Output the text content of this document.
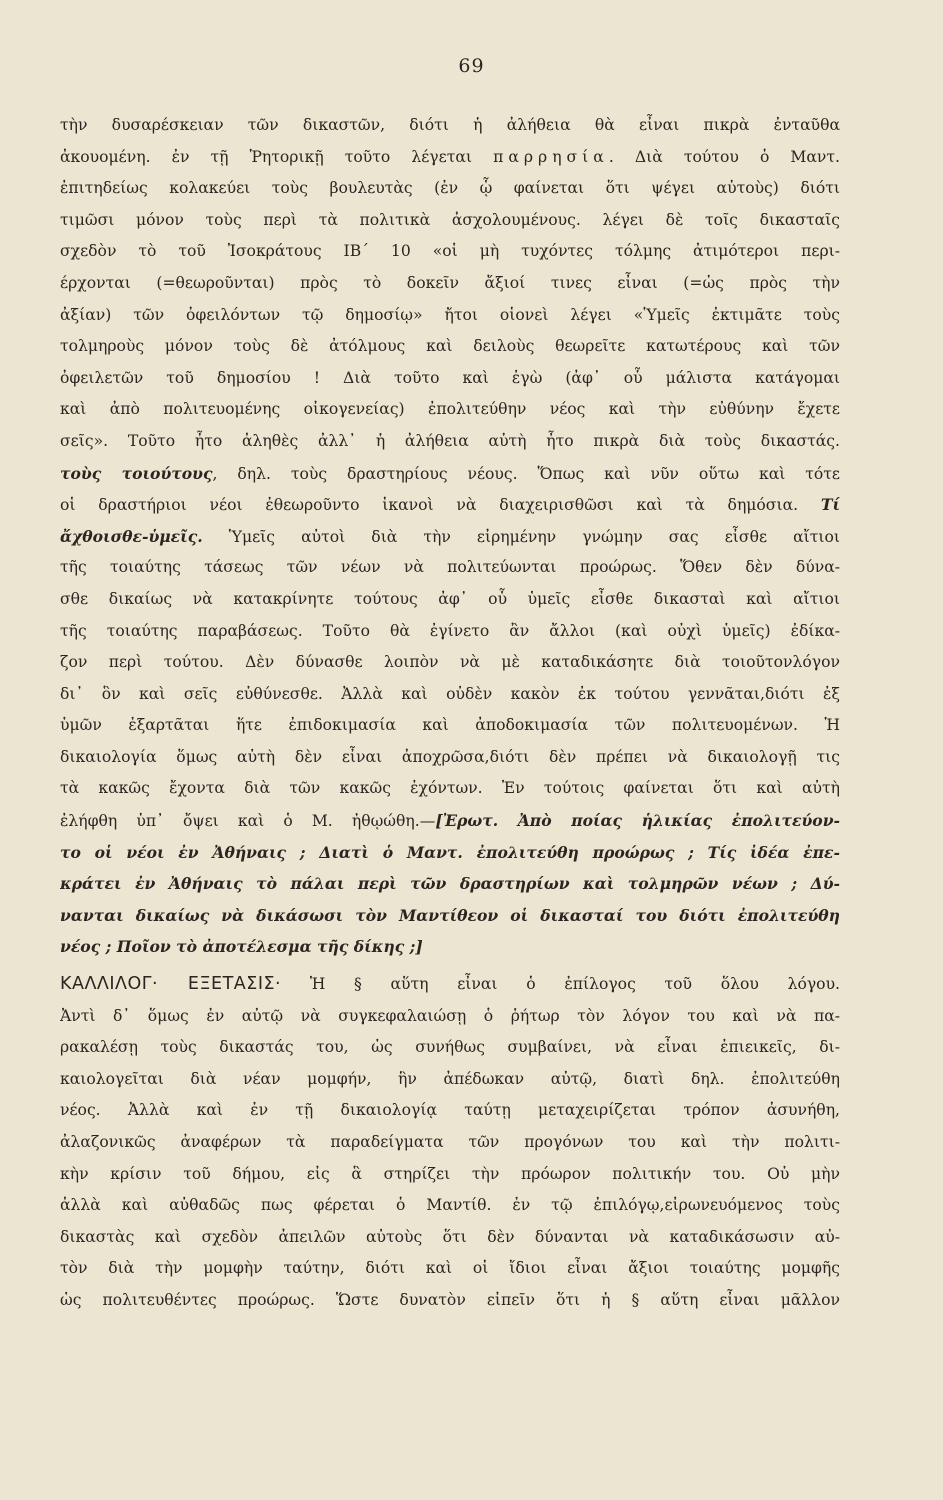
69
τὴν δυσαρέσκειαν τῶν δικαστῶν, διότι ἡ ἀλήθεια θὰ εἶναι πικρὰ ἐνταῦθα
ἀκουομένη. ἐν τῇ Ῥητορικῇ τοῦτο λέγεται παρρησία. Διὰ τούτου ὁ Μαντ.
ἐπιτηδείως κολακεύει τοὺς βουλευτὰς (ἐν ᾧ φαίνεται ὅτι ψέγει αὐτοὺς) διότι
τιμῶσι μόνον τοὺς περὶ τὰ πολιτικὰ ἀσχολουμένους. λέγει δὲ τοῖς δικασταῖς
σχεδὸν τὸ τοῦ Ἰσοκράτους ΙΒ΄ 10 «οἱ μὴ τυχόντες τόλμης ἀτιμότεροι περι-
έρχονται (=θεωροῦνται) πρὸς τὸ δοκεῖν ἄξιοί τινες εἶναι (=ὡς πρὸς τὴν
ἀξίαν) τῶν ὀφειλόντων τῷ δημοσίῳ» ἤτοι οἱονεὶ λέγει «Ὑμεῖς ἐκτιμᾶτε τοὺς
τολμηροὺς μόνον τοὺς δὲ ἀτόλμους καὶ δειλοὺς θεωρεῖτε κατωτέρους καὶ τῶν
ὀφειλετῶν τοῦ δημοσίου ! Διὰ τοῦτο καὶ ἐγὼ (ἀφ᾽ οὗ μάλιστα κατάγομαι
καὶ ἀπὸ πολιτευομένης οἰκογενείας) ἐπολιτεύθην νέος καὶ τὴν εὐθύνην ἔχετε
σεῖς». Τοῦτο ἦτο ἀληθὲς ἀλλ᾽ ἡ ἀλήθεια αὐτὴ ἦτο πικρὰ διὰ τοὺς δικαστάς.
τοὺς τοιούτους, δηλ. τοὺς δραστηρίους νέους. Ὅπως καὶ νῦν οὕτω καὶ τότε
οἱ δραστήριοι νέοι ἐθεωροῦντο ἱκανοὶ νὰ διαχειρισθῶσι καὶ τὰ δημόσια. Τί
ἄχθοισθε-ὑμεῖς. Ὑμεῖς αὐτοὶ διὰ τὴν εἰρημένην γνώμην σας εἶσθε αἴτιοι
τῆς τοιαύτης τάσεως τῶν νέων νὰ πολιτεύωνται προώρως. Ὅθεν δὲν δύνα-
σθε δικαίως νὰ κατακρίνητε τούτους ἀφ᾽ οὗ ὑμεῖς εἶσθε δικασταὶ καὶ αἴτιοι
τῆς τοιαύτης παραβάσεως. Τοῦτο θὰ ἐγίνετο ἂν ἄλλοι (καὶ οὐχὶ ὑμεῖς) ἐδίκα-
ζον περὶ τούτου. Δὲν δύνασθε λοιπὸν νὰ μὲ καταδικάσητε διὰ τοιοῦτονλόγον
δι᾽ ὃν καὶ σεῖς εὐθύνεσθε. Ἀλλὰ καὶ οὐδὲν κακὸν ἐκ τούτου γεννᾶται,διότι ἐξ
ὑμῶν ἐξαρτᾶται ἥτε ἐπιδοκιμασία καὶ ἀποδοκιμασία τῶν πολιτευομένων. Ἡ
δικαιολογία ὅμως αὐτὴ δὲν εἶναι ἀποχρῶσα,διότι δὲν πρέπει νὰ δικαιολογῇ τις
τὰ κακῶς ἔχοντα διὰ τῶν κακῶς ἐχόντων. Ἐν τούτοις φαίνεται ὅτι καὶ αὐτὴ
ἐλήφθη ὑπ᾽ ὄψει καὶ ὁ Μ. ἠθῳώθη.—[Ἐρωτ. Ἀπὸ ποίας ἡλικίας ἐπολιτεύον-
το οἱ νέοι ἐν Ἀθήναις ; Διατὶ ὁ Μαντ. ἐπολιτεύθη προώρως ; Τίς ἰδέα ἐπε-
κράτει ἐν Ἀθήναις τὸ πάλαι περὶ τῶν δραστηρίων καὶ τολμηρῶν νέων ; Δύ-
νανται δικαίως νὰ δικάσωσι τὸν Μαντίθεον οἱ δικασταί του διότι ἐπολιτεύθη
νέος ; Ποῖον τὸ ἀποτέλεσμα τῆς δίκης ;]
ΚΑΛΛΙΛΟΓ· ΕΞΕΤΑΣΙΣ· Ἡ § αὕτη εἶναι ὁ ἐπίλογος τοῦ ὅλου λόγου.
Ἀντὶ δ᾽ ὅμως ἐν αὐτῷ νὰ συγκεφαλαιώσῃ ὁ ῥήτωρ τὸν λόγον του καὶ νὰ πα-
ρακαλέσῃ τοὺς δικαστάς του, ὡς συνήθως συμβαίνει, νὰ εἶναι ἐπιεικεῖς, δι-
καιολογεῖται διὰ νέαν μομφήν, ἣν ἀπέδωκαν αὐτῷ, διατὶ δηλ. ἐπολιτεύθη
νέος. Ἀλλὰ καὶ ἐν τῇ δικαιολογίᾳ ταύτῃ μεταχειρίζεται τρόπον ἀσυνήθη,
ἀλαζονικῶς ἀναφέρων τὰ παραδείγματα τῶν προγόνων του καὶ τὴν πολιτι-
κὴν κρίσιν τοῦ δήμου, εἰς ἃ στηρίζει τὴν πρόωρον πολιτικήν του. Οὐ μὴν
ἀλλὰ καὶ αὐθαδῶς πως φέρεται ὁ Μαντίθ. ἐν τῷ ἐπιλόγῳ,εἰρωνευόμενος τοὺς
δικαστὰς καὶ σχεδὸν ἀπειλῶν αὐτοὺς ὅτι δὲν δύνανται νὰ καταδικάσωσιν αὐ-
τὸν διὰ τὴν μομφὴν ταύτην, διότι καὶ οἱ ἴδιοι εἶναι ἄξιοι τοιαύτης μομφῆς
ὡς πολιτευθέντες προώρως. Ὥστε δυνατὸν εἰπεῖν ὅτι ἡ § αὕτη εἶναι μᾶλλον
